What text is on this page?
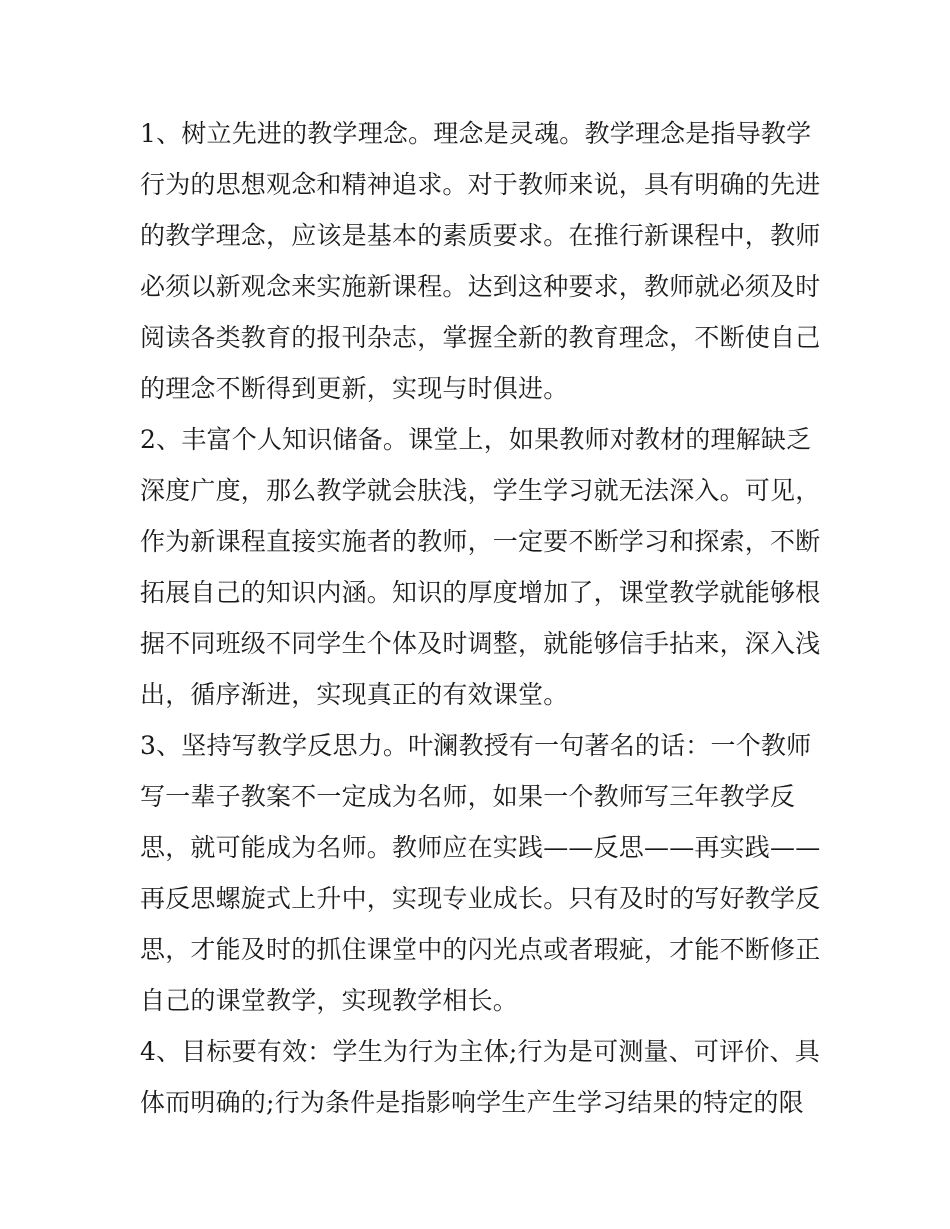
1、树立先进的教学理念。理念是灵魂。教学理念是指导教学
行为的思想观念和精神追求。对于教师来说，具有明确的先进
的教学理念，应该是基本的素质要求。在推行新课程中，教师
必须以新观念来实施新课程。达到这种要求，教师就必须及时
阅读各类教育的报刊杂志，掌握全新的教育理念，不断使自己
的理念不断得到更新，实现与时俱进。
2、丰富个人知识储备。课堂上，如果教师对教材的理解缺乏
深度广度，那么教学就会肤浅，学生学习就无法深入。可见，
作为新课程直接实施者的教师，一定要不断学习和探索，不断
拓展自己的知识内涵。知识的厚度增加了，课堂教学就能够根
据不同班级不同学生个体及时调整，就能够信手拈来，深入浅
出，循序渐进，实现真正的有效课堂。
3、坚持写教学反思力。叶澜教授有一句著名的话：一个教师
写一辈子教案不一定成为名师，如果一个教师写三年教学反
思，就可能成为名师。教师应在实践——反思——再实践——
再反思螺旋式上升中，实现专业成长。只有及时的写好教学反
思，才能及时的抓住课堂中的闪光点或者瑕疵，才能不断修正
自己的课堂教学，实现教学相长。
4、目标要有效：学生为行为主体;行为是可测量、可评价、具
体而明确的;行为条件是指影响学生产生学习结果的特定的限
